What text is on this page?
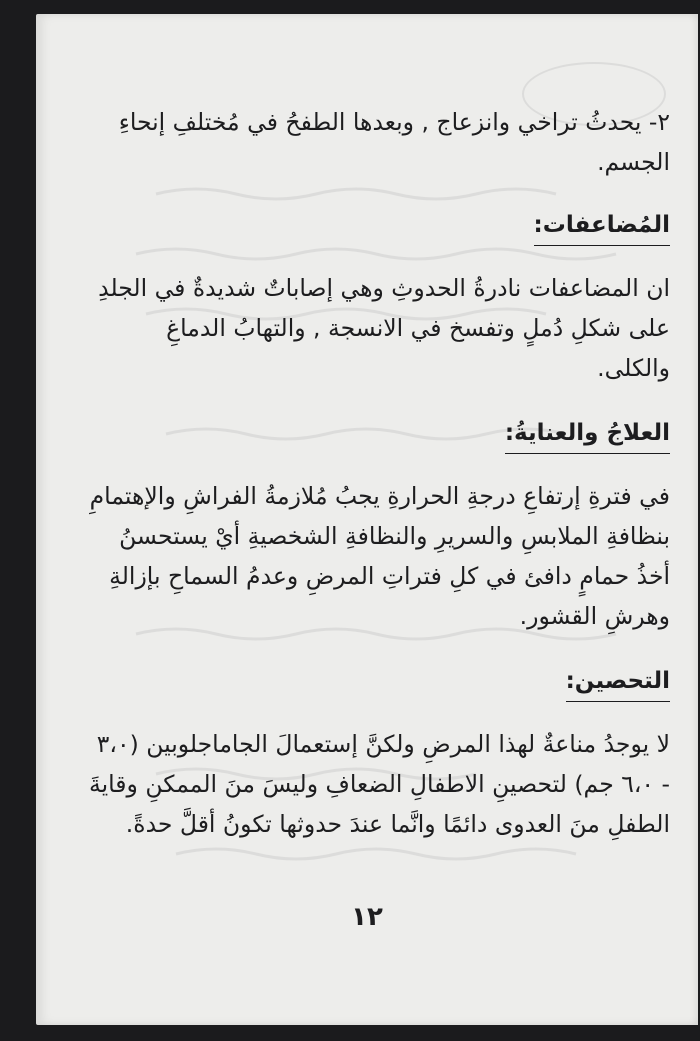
٢- يحدثُ تراخي وانزعاج , وبعدها الطفحُ في مُختلفِ إنحاءِ الجسم.

المُضاعفات:

ان المضاعفات نادرةُ الحدوثِ وهي إصاباتٌ شديدةٌ في الجلدِ على شكلِ دُملٍ وتفسخ في الانسجة , والتهابُ الدماغِ والكلى.

العلاجُ والعنايةُ:

في فترةِ إرتفاعِ درجةِ الحرارةِ يجبُ مُلازمةُ الفراشِ والإهتمامِ بنظافةِ الملابسِ والسريرِ والنظافةِ الشخصيةِ أيْ يستحسنُ أخذُ حمامٍ دافئ في كلِ فتراتِ المرضِ وعدمُ السماحِ بإزالةِ وهرشِ القشور.

التحصين:

لا يوجدُ مناعةٌ لهذا المرضِ ولكنَّ إستعمالَ الجاماجلوبين (٣،٠ - ٦،٠ جم) لتحصينِ الاطفالِ الضعافِ وليسَ منَ الممكنِ وقايةَ الطفلِ منَ العدوى دائمًا وانَّما عندَ حدوثها تكونُ أقلَّ حدةً.

١٢
